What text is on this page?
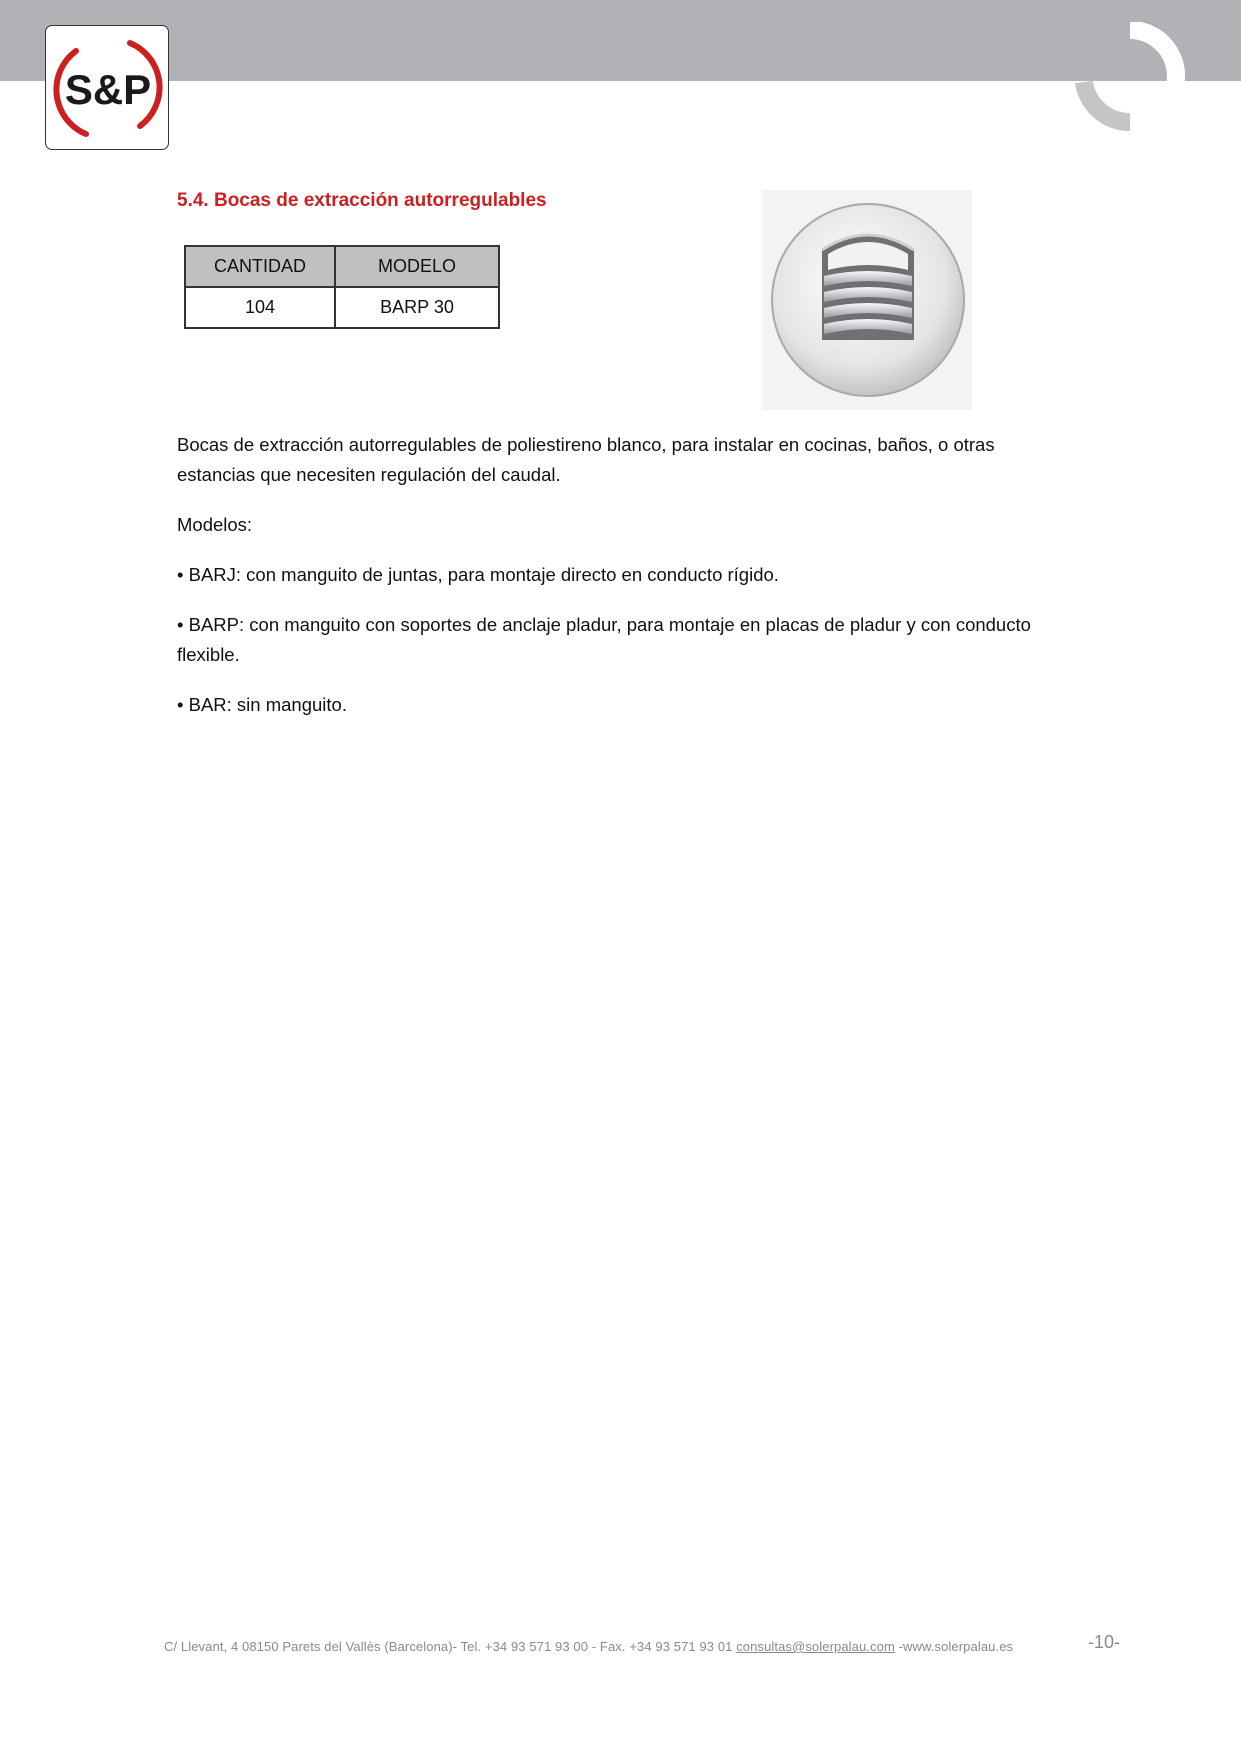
S&P
5.4. Bocas de extracción autorregulables
CANTIDAD	MODELO
104	BARP 30

Bocas de extracción autorregulables de poliestireno blanco, para instalar en cocinas, baños, o otras estancias que necesiten regulación del caudal.

Modelos:

• BARJ: con manguito de juntas, para montaje directo en conducto rígido.

• BARP: con manguito con soportes de anclaje pladur, para montaje en placas de pladur y con conducto flexible.

• BAR: sin manguito.

C/ Llevant, 4 08150 Parets del Vallès (Barcelona)- Tel. +34 93 571 93 00 - Fax. +34 93 571 93 01 consultas@solerpalau.com -www.solerpalau.es	-10-
